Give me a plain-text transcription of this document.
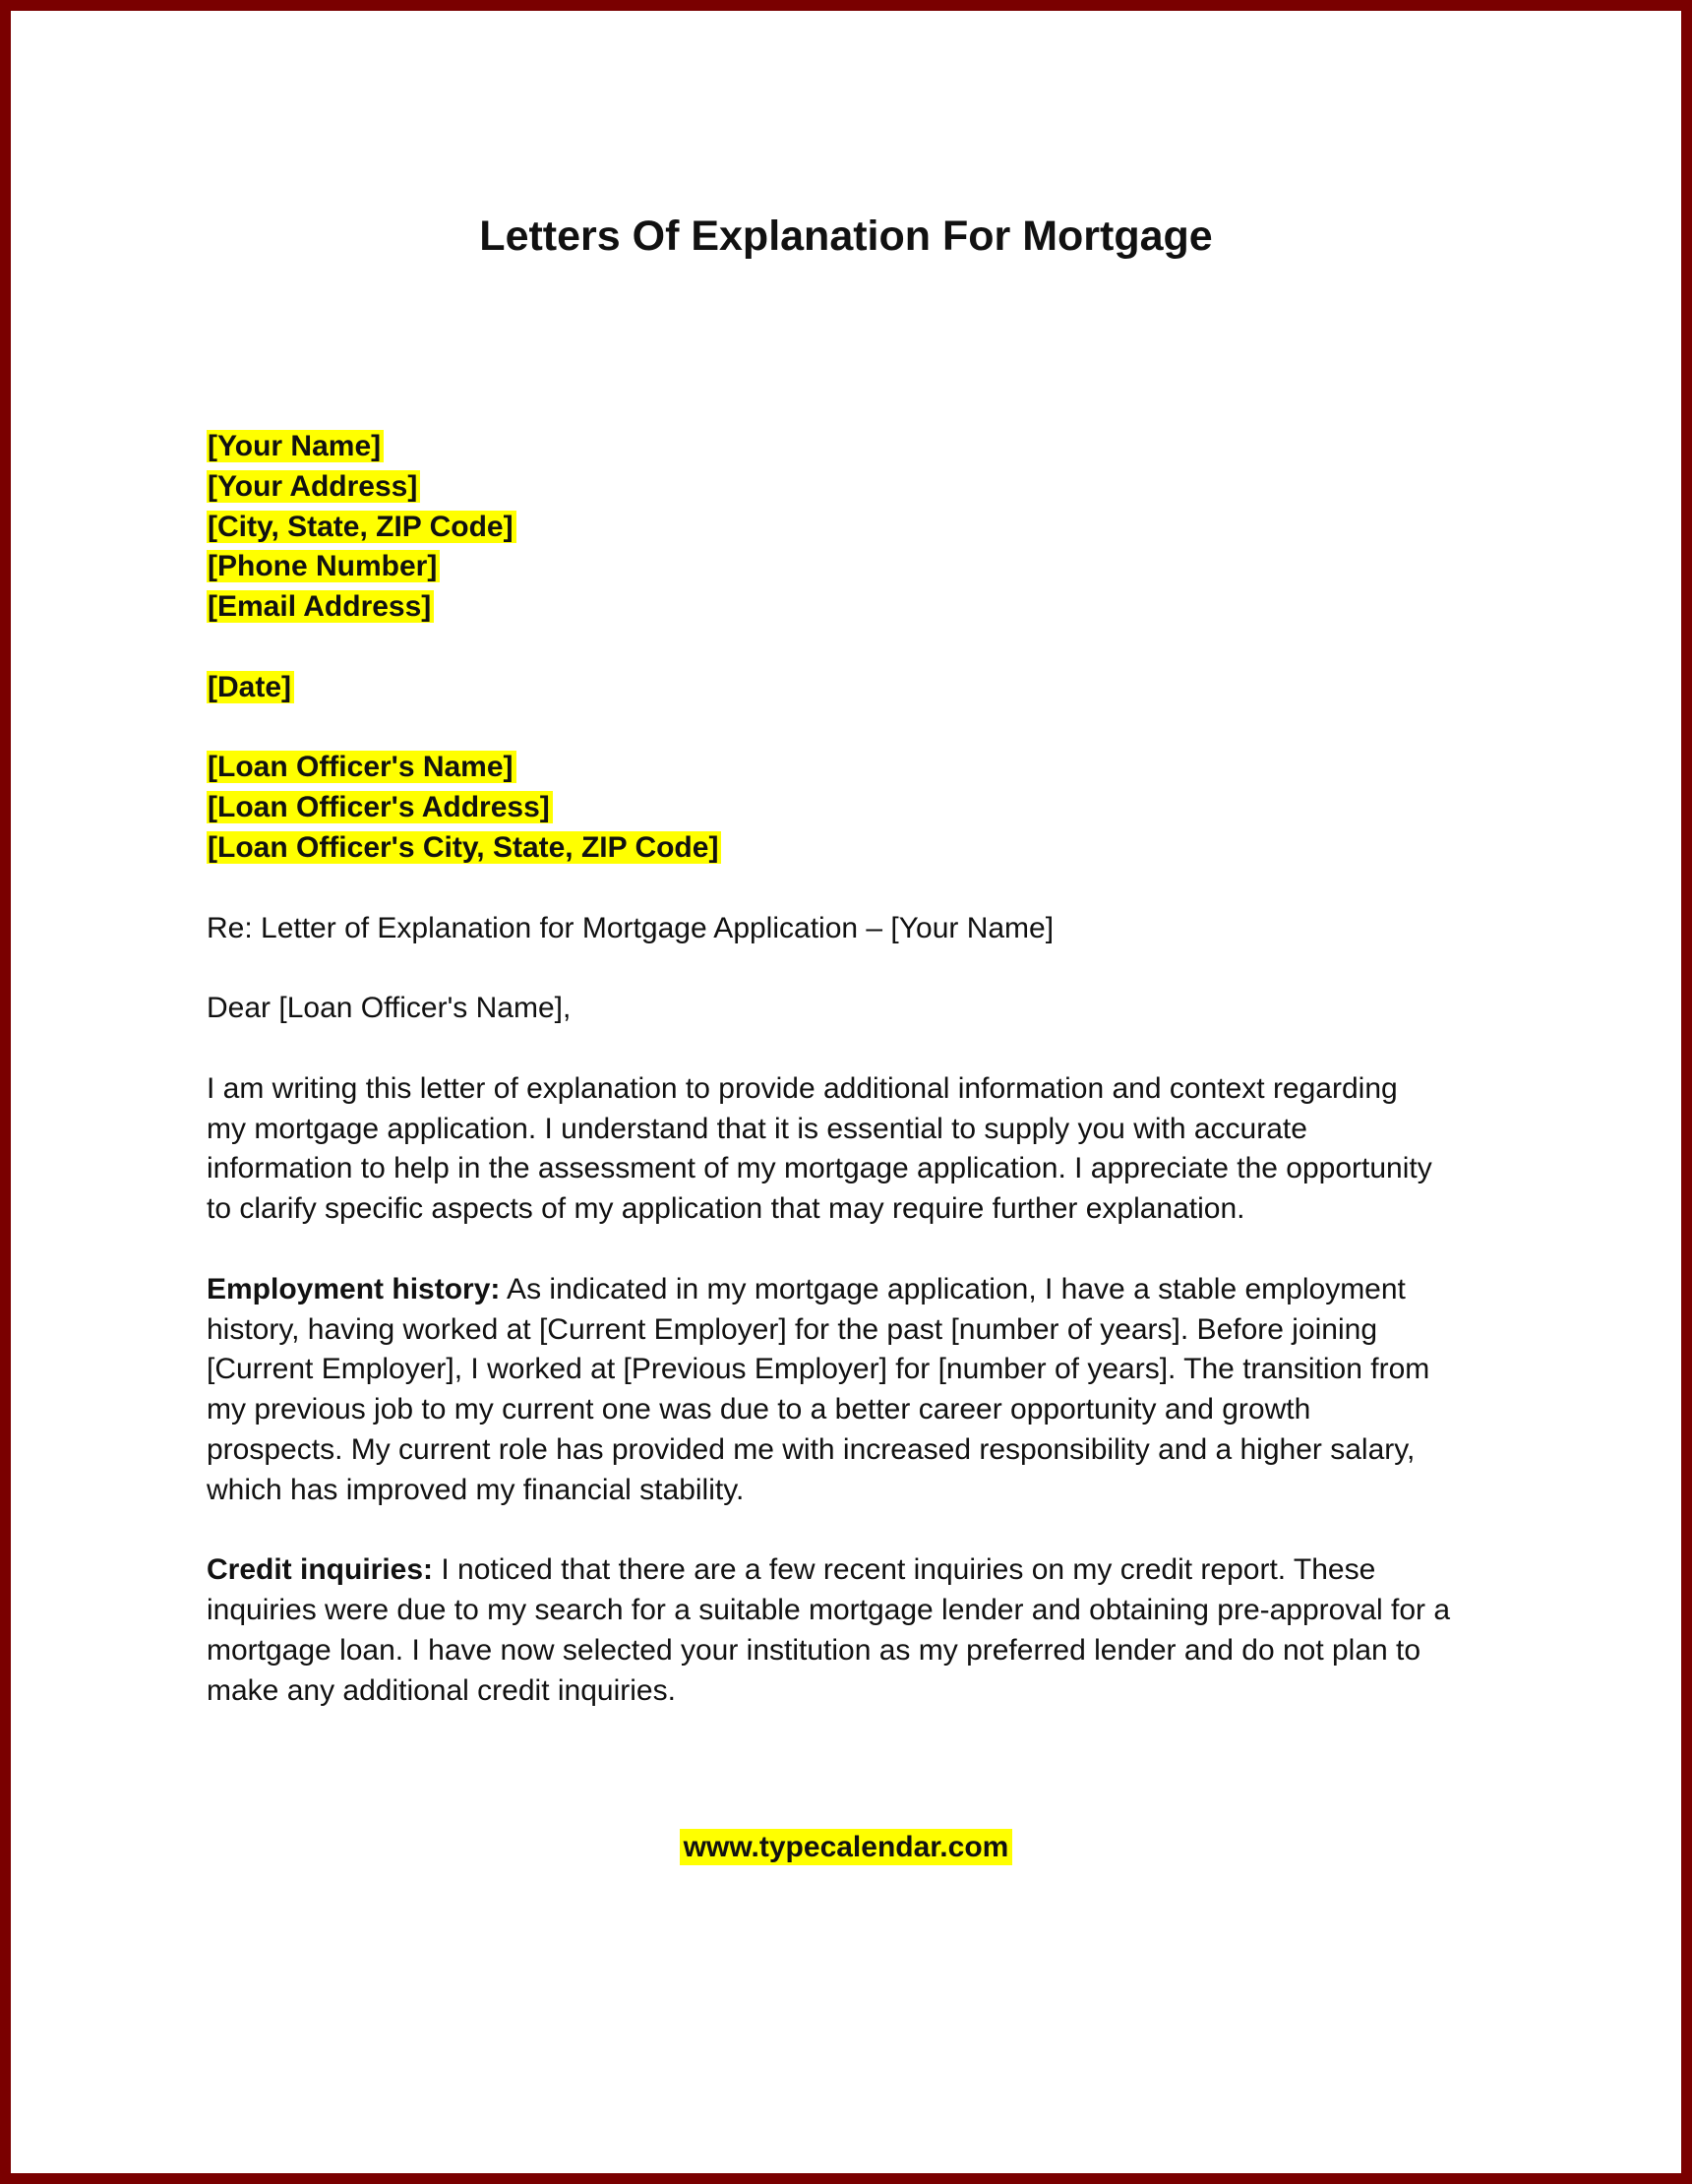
Letters Of Explanation For Mortgage
[Your Name]
[Your Address]
[City, State, ZIP Code]
[Phone Number]
[Email Address]
[Date]
[Loan Officer's Name]
[Loan Officer's Address]
[Loan Officer's City, State, ZIP Code]
Re: Letter of Explanation for Mortgage Application – [Your Name]
Dear [Loan Officer's Name],
I am writing this letter of explanation to provide additional information and context regarding
my mortgage application. I understand that it is essential to supply you with accurate
information to help in the assessment of my mortgage application. I appreciate the opportunity
to clarify specific aspects of my application that may require further explanation.
Employment history: As indicated in my mortgage application, I have a stable employment
history, having worked at [Current Employer] for the past [number of years]. Before joining
[Current Employer], I worked at [Previous Employer] for [number of years]. The transition from
my previous job to my current one was due to a better career opportunity and growth
prospects. My current role has provided me with increased responsibility and a higher salary,
which has improved my financial stability.
Credit inquiries: I noticed that there are a few recent inquiries on my credit report. These
inquiries were due to my search for a suitable mortgage lender and obtaining pre-approval for a
mortgage loan. I have now selected your institution as my preferred lender and do not plan to
make any additional credit inquiries.
www.typecalendar.com
